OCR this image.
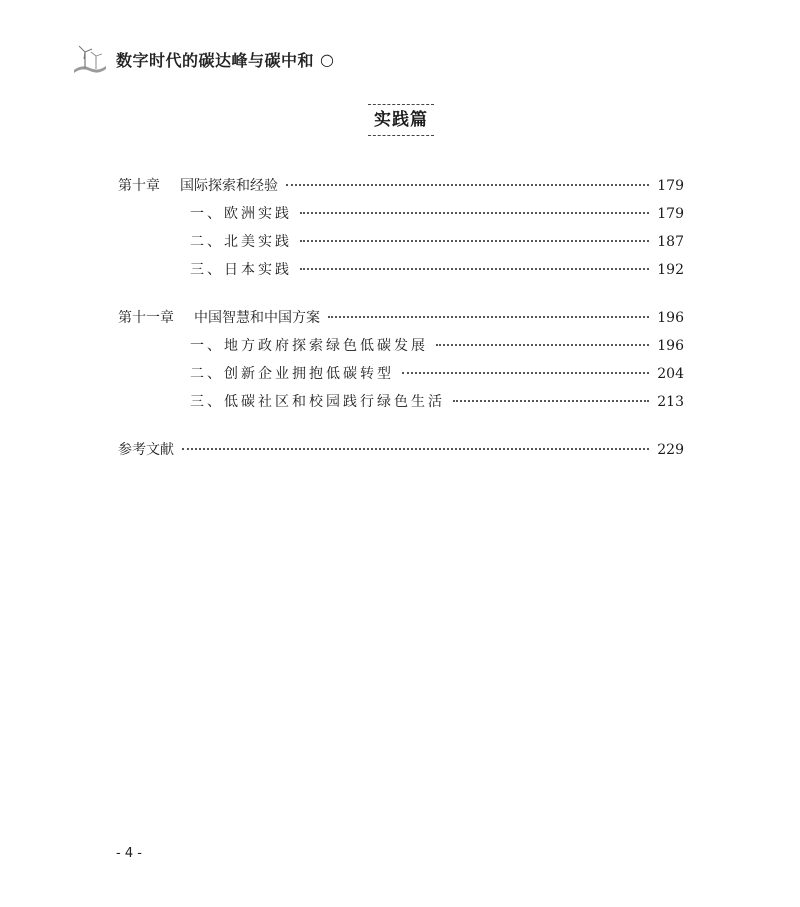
数字时代的碳达峰与碳中和 ○
实践篇
第十章 国际探索和经验	179
一、欧洲实践	179
二、北美实践	187
三、日本实践	192
第十一章 中国智慧和中国方案	196
一、地方政府探索绿色低碳发展	196
二、创新企业拥抱低碳转型	204
三、低碳社区和校园践行绿色生活	213
参考文献	229
- 4 -
